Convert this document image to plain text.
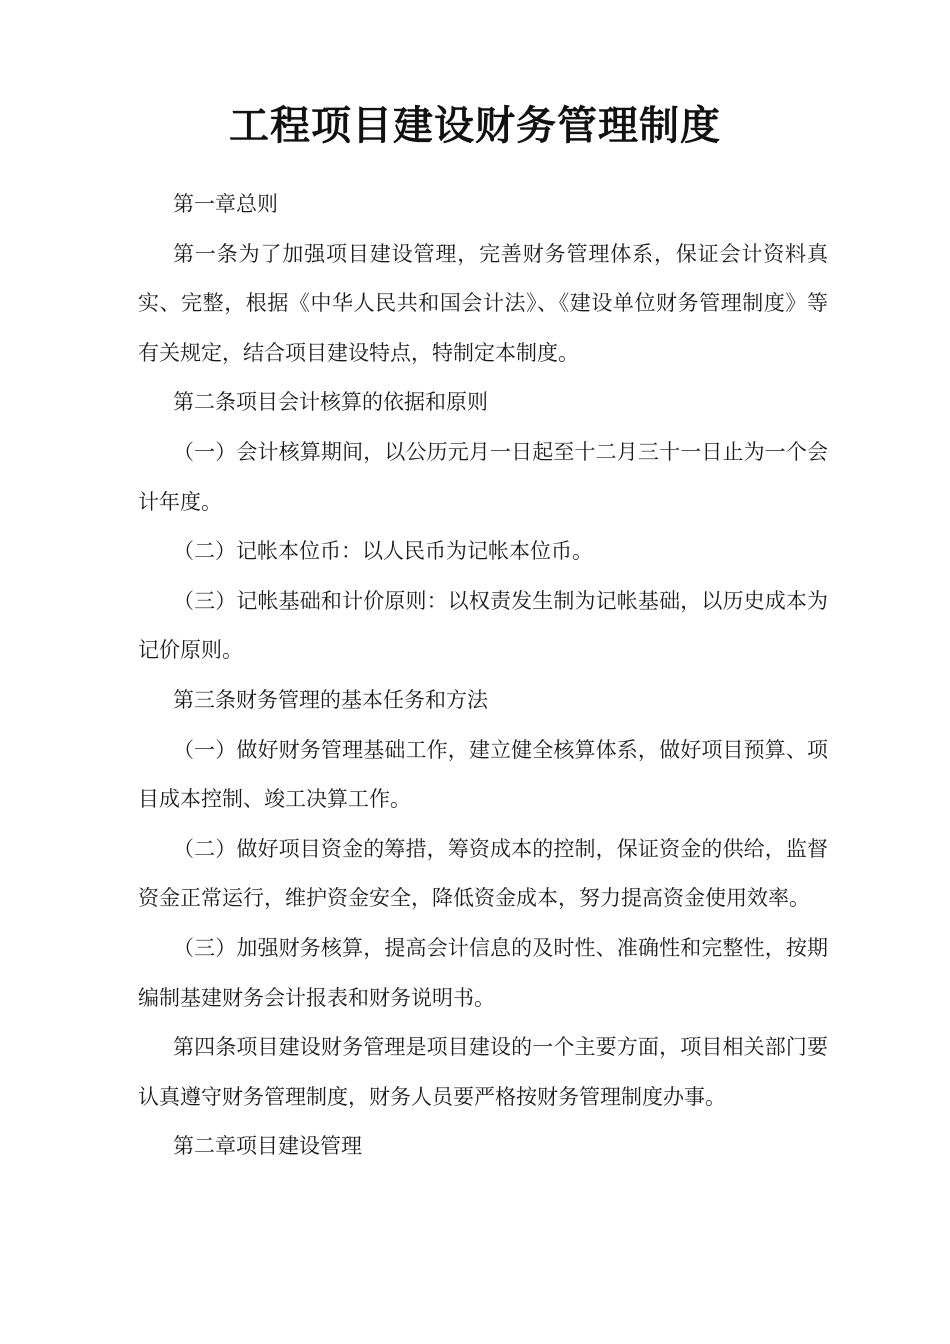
工程项目建设财务管理制度

第一章总则

第一条为了加强项目建设管理，完善财务管理体系，保证会计资料真实、完整，根据《中华人民共和国会计法》、《建设单位财务管理制度》等有关规定，结合项目建设特点，特制定本制度。

第二条项目会计核算的依据和原则

（一）会计核算期间，以公历元月一日起至十二月三十一日止为一个会计年度。

（二）记帐本位币：以人民币为记帐本位币。

（三）记帐基础和计价原则：以权责发生制为记帐基础，以历史成本为记价原则。

第三条财务管理的基本任务和方法

（一）做好财务管理基础工作，建立健全核算体系，做好项目预算、项目成本控制、竣工决算工作。

（二）做好项目资金的筹措，筹资成本的控制，保证资金的供给，监督资金正常运行，维护资金安全，降低资金成本，努力提高资金使用效率。

（三）加强财务核算，提高会计信息的及时性、准确性和完整性，按期编制基建财务会计报表和财务说明书。

第四条项目建设财务管理是项目建设的一个主要方面，项目相关部门要认真遵守财务管理制度，财务人员要严格按财务管理制度办事。

第二章项目建设管理
